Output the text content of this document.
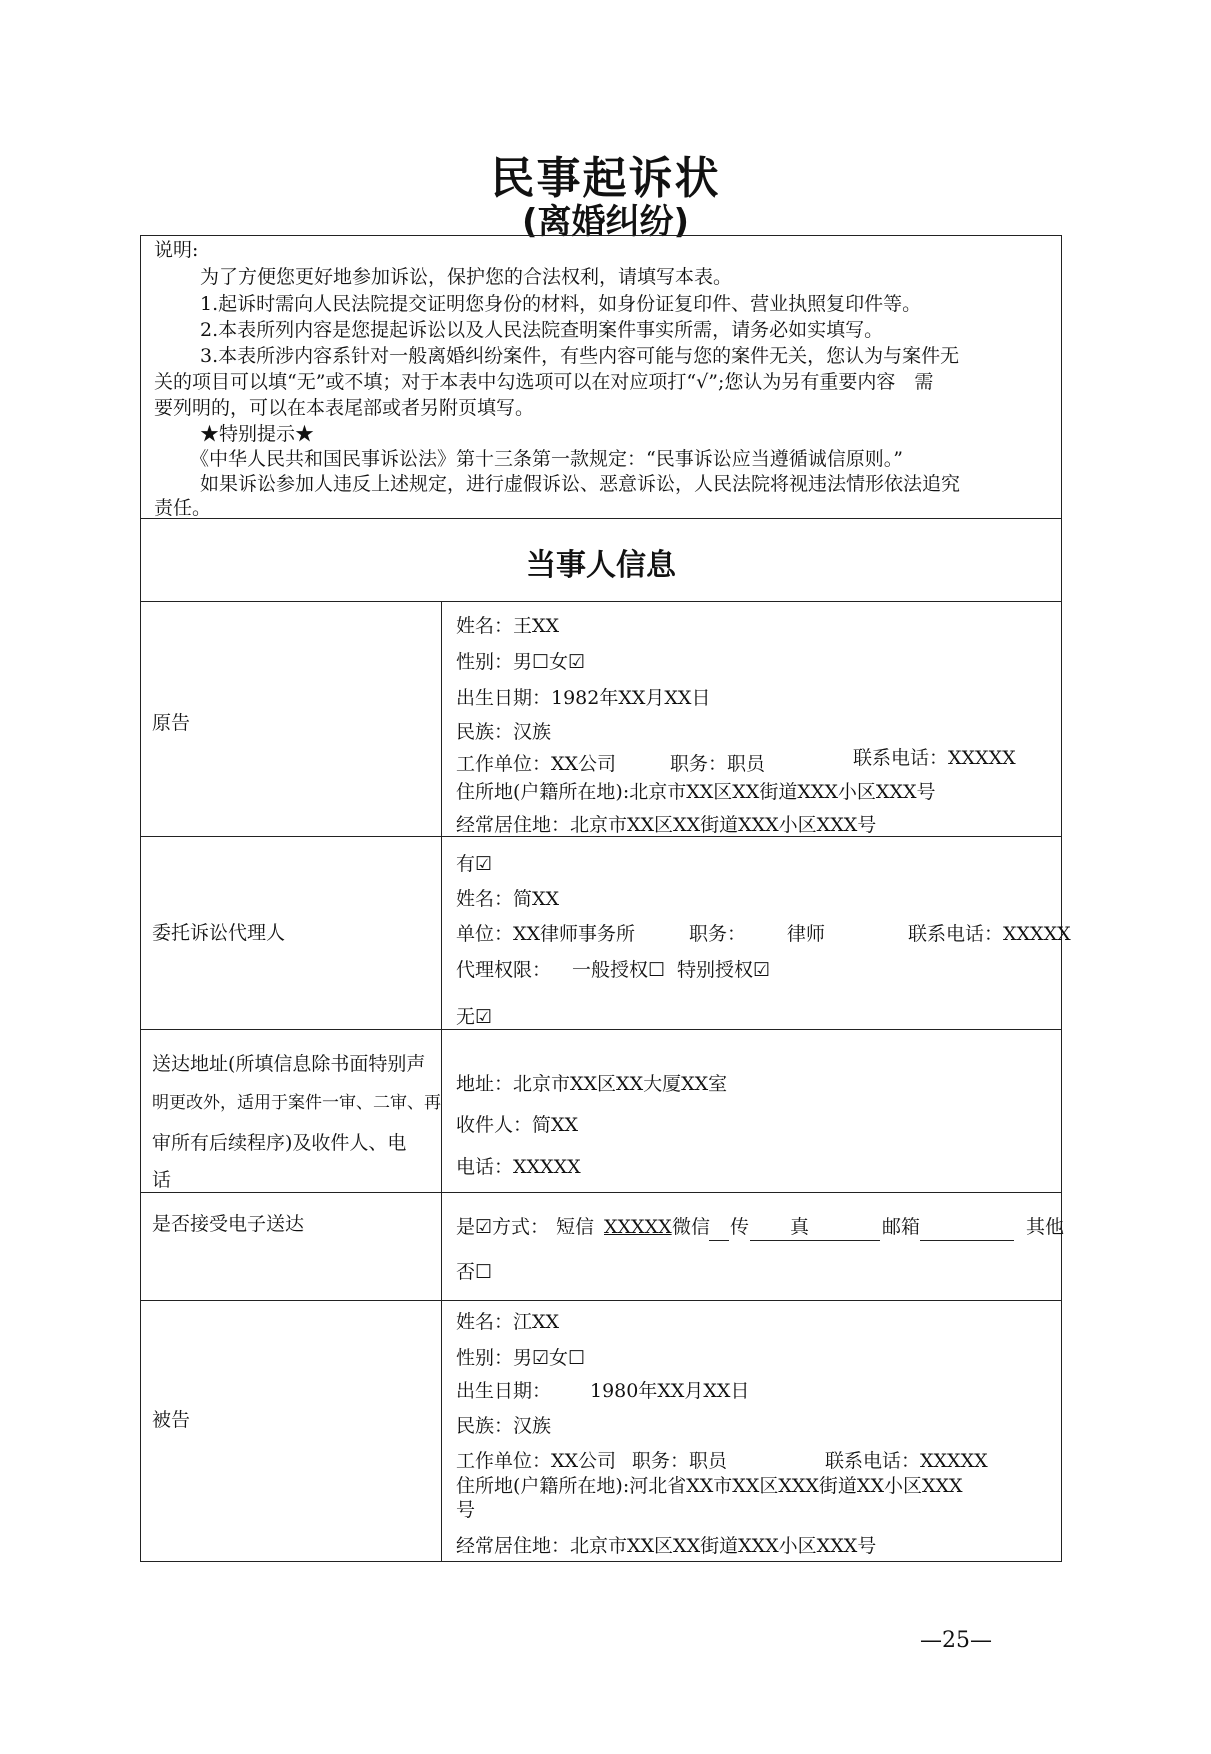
民事起诉状
(离婚纠纷)
说明:
为了方便您更好地参加诉讼，保护您的合法权利，请填写本表。
1.起诉时需向人民法院提交证明您身份的材料，如身份证复印件、营业执照复印件等。
2.本表所列内容是您提起诉讼以及人民法院查明案件事实所需，请务必如实填写。
3.本表所涉内容系针对一般离婚纠纷案件，有些内容可能与您的案件无关，您认为与案件无
关的项目可以填“无”或不填；对于本表中勾选项可以在对应项打“√”;您认为另有重要内容　需
要列明的，可以在本表尾部或者另附页填写。
★特别提示★
《中华人民共和国民事诉讼法》第十三条第一款规定：“民事诉讼应当遵循诚信原则。”
如果诉讼参加人违反上述规定，进行虚假诉讼、恶意诉讼，人民法院将视违法情形依法追究
责任。
当事人信息
原告
姓名：王XX
性别：男☐女☑
出生日期：1982年XX月XX日
民族：汉族
工作单位：XX公司	职务：职员	联系电话：XXXXX
住所地(户籍所在地):北京市XX区XX街道XXX小区XXX号
经常居住地：北京市XX区XX街道XXX小区XXX号
委托诉讼代理人
有☑
姓名：简XX
单位：XX律师事务所	职务： 律师	联系电话：XXXXX
代理权限： 一般授权☐ 特别授权☑
无☑
送达地址(所填信息除书面特别声
明更改外，适用于案件一审、二审、再
审所有后续程序)及收件人、电
话
地址：北京市XX区XX大厦XX室
收件人：简XX
电话：XXXXX
是否接受电子送达	是☑方式： 短信 XXXXX 微信 传 真	邮箱	其他
否☐
被告
姓名：江XX
性别：男☑女☐
出生日期： 1980年XX月XX日
民族：汉族
工作单位：XX公司 职务：职员	联系电话：XXXXX
住所地(户籍所在地):河北省XX市XX区XXX街道XX小区XXX
号
经常居住地：北京市XX区XX街道XXX小区XXX号
—25—
